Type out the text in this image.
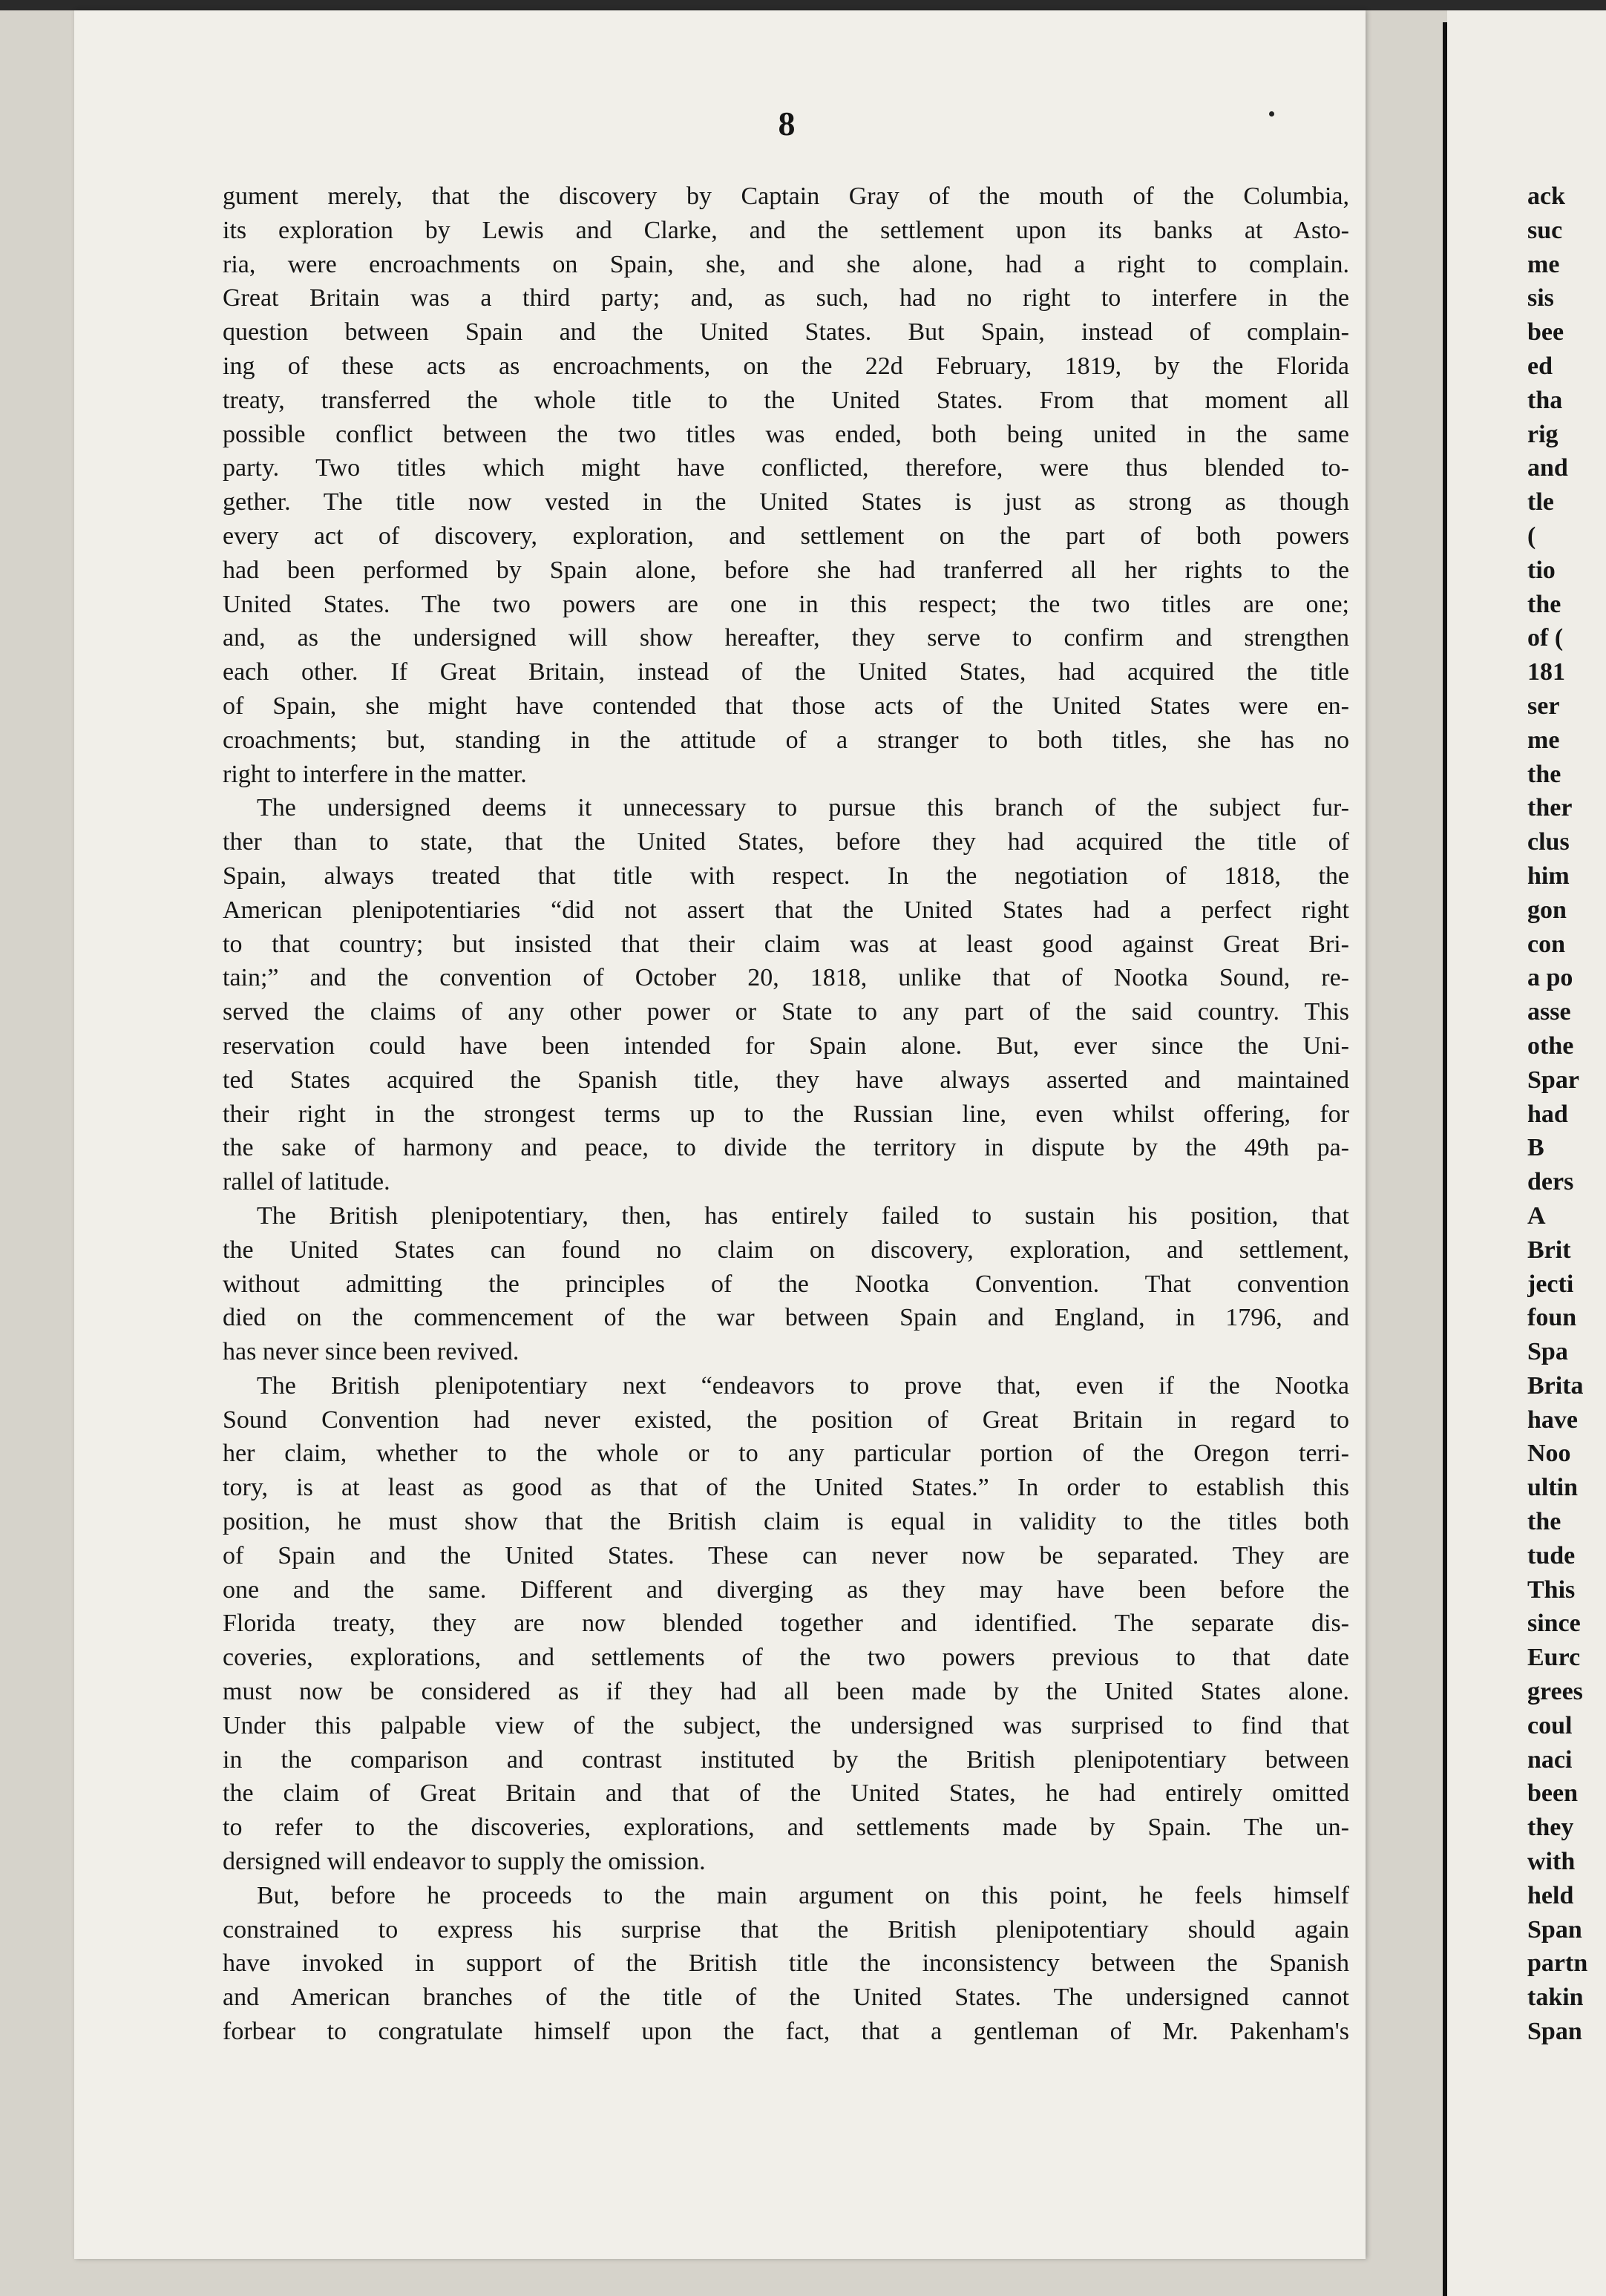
8
gument merely, that the discovery by Captain Gray of the mouth of the Columbia,
its exploration by Lewis and Clarke, and the settlement upon its banks at Asto-
ria, were encroachments on Spain, she, and she alone, had a right to complain.
Great Britain was a third party; and, as such, had no right to interfere in the
question between Spain and the United States. But Spain, instead of complain-
ing of these acts as encroachments, on the 22d February, 1819, by the Florida
treaty, transferred the whole title to the United States. From that moment all
possible conflict between the two titles was ended, both being united in the same
party. Two titles which might have conflicted, therefore, were thus blended to-
gether. The title now vested in the United States is just as strong as though
every act of discovery, exploration, and settlement on the part of both powers
had been performed by Spain alone, before she had tranferred all her rights to the
United States. The two powers are one in this respect; the two titles are one;
and, as the undersigned will show hereafter, they serve to confirm and strengthen
each other. If Great Britain, instead of the United States, had acquired the title
of Spain, she might have contended that those acts of the United States were en-
croachments; but, standing in the attitude of a stranger to both titles, she has no
right to interfere in the matter.
The undersigned deems it unnecessary to pursue this branch of the subject fur-
ther than to state, that the United States, before they had acquired the title of
Spain, always treated that title with respect. In the negotiation of 1818, the
American plenipotentiaries “did not assert that the United States had a perfect right
to that country; but insisted that their claim was at least good against Great Bri-
tain;” and the convention of October 20, 1818, unlike that of Nootka Sound, re-
served the claims of any other power or State to any part of the said country. This
reservation could have been intended for Spain alone. But, ever since the Uni-
ted States acquired the Spanish title, they have always asserted and maintained
their right in the strongest terms up to the Russian line, even whilst offering, for
the sake of harmony and peace, to divide the territory in dispute by the 49th pa-
rallel of latitude.
The British plenipotentiary, then, has entirely failed to sustain his position, that
the United States can found no claim on discovery, exploration, and settlement,
without admitting the principles of the Nootka Convention. That convention
died on the commencement of the war between Spain and England, in 1796, and
has never since been revived.
The British plenipotentiary next “endeavors to prove that, even if the Nootka
Sound Convention had never existed, the position of Great Britain in regard to
her claim, whether to the whole or to any particular portion of the Oregon terri-
tory, is at least as good as that of the United States.” In order to establish this
position, he must show that the British claim is equal in validity to the titles both
of Spain and the United States. These can never now be separated. They are
one and the same. Different and diverging as they may have been before the
Florida treaty, they are now blended together and identified. The separate dis-
coveries, explorations, and settlements of the two powers previous to that date
must now be considered as if they had all been made by the United States alone.
Under this palpable view of the subject, the undersigned was surprised to find that
in the comparison and contrast instituted by the British plenipotentiary between
the claim of Great Britain and that of the United States, he had entirely omitted
to refer to the discoveries, explorations, and settlements made by Spain. The un-
dersigned will endeavor to supply the omission.
But, before he proceeds to the main argument on this point, he feels himself
constrained to express his surprise that the British plenipotentiary should again
have invoked in support of the British title the inconsistency between the Spanish
and American branches of the title of the United States. The undersigned cannot
forbear to congratulate himself upon the fact, that a gentleman of Mr. Pakenham's
ack
suc
me
sis
bee
ed
tha
rig
and
tle
(
tio
the
of (
181
ser
me
the
ther
clus
him
gon
con
a po
asse
othe
Spar
had
B
ders
A
Brit
jecti
foun
Spa
Brita
have
Noo
ultin
the
tude
This
since
Eurc
grees
coul
naci
been
they
with
held
Span
partn
takin
Span
